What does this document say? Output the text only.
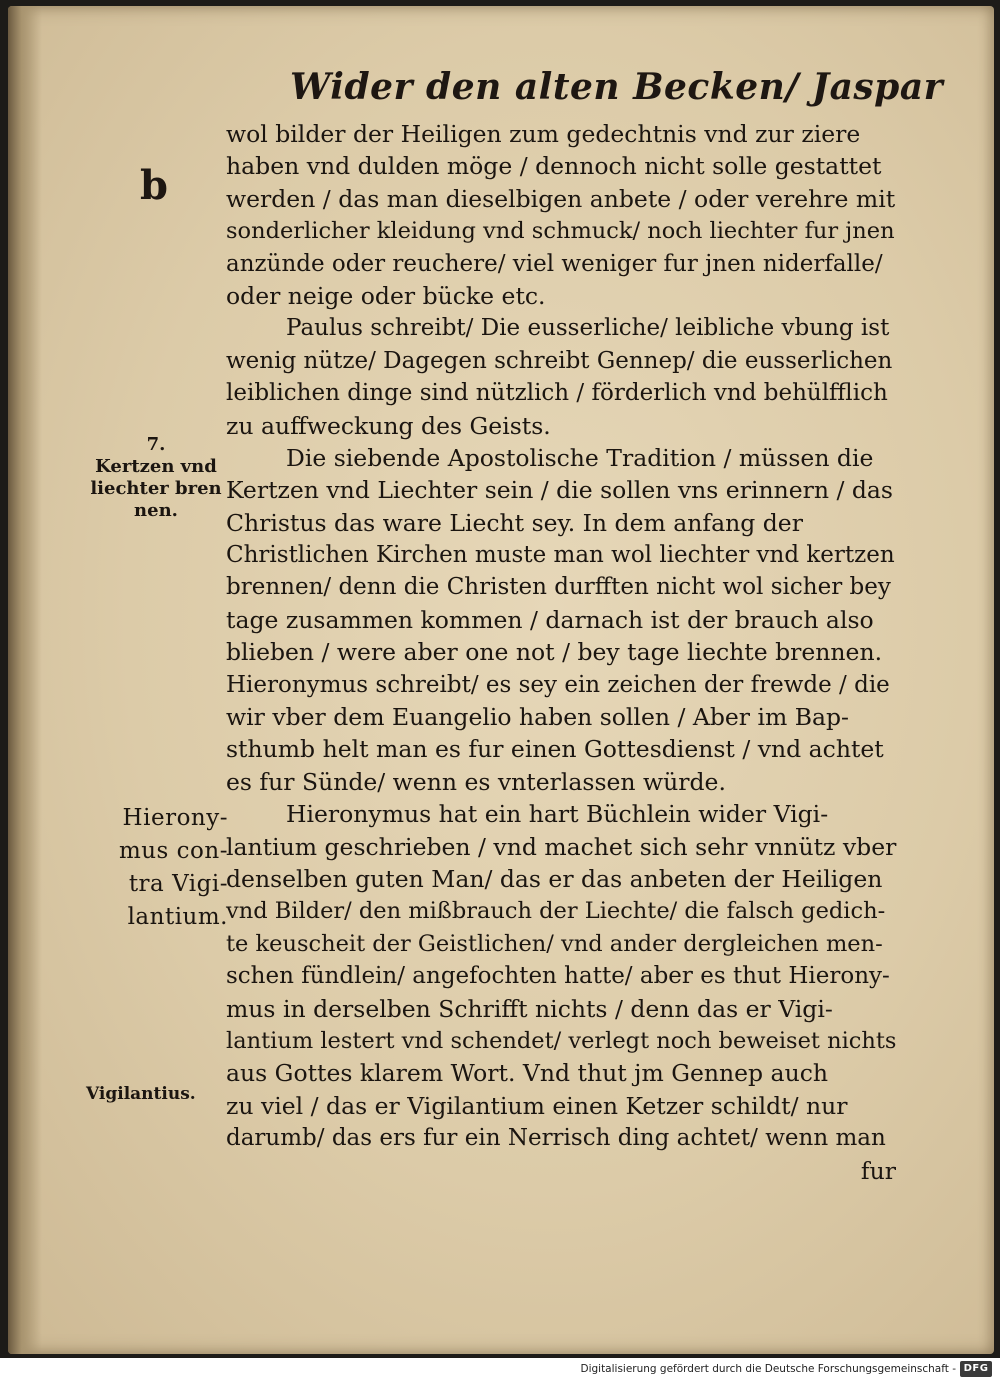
Wider den alten Becken/ Jaspar
b
wol bilder der Heiligen zum gedechtnis vnd zur ziere
haben vnd dulden möge / dennoch nicht solle gestattet
werden / das man dieselbigen anbete / oder verehre mit
sonderlicher kleidung vnd schmuck/ noch liechter fur jnen
anzünde oder reuchere/ viel weniger fur jnen niderfalle/
oder neige oder bücke etc.
Paulus schreibt/ Die eusserliche/ leibliche vbung ist
wenig nütze/ Dagegen schreibt Gennep/ die eusserlichen
leiblichen dinge sind nützlich / förderlich vnd behülfflich
zu auffweckung des Geists.
Die siebende Apostolische Tradition / müssen die
Kertzen vnd Liechter sein / die sollen vns erinnern / das
Christus das ware Liecht sey. In dem anfang der
Christlichen Kirchen muste man wol liechter vnd kertzen
brennen/ denn die Christen durfften nicht wol sicher bey
tage zusammen kommen / darnach ist der brauch also
blieben / were aber one not / bey tage liechte brennen.
Hieronymus schreibt/ es sey ein zeichen der frewde / die
wir vber dem Euangelio haben sollen / Aber im Bap-
sthumb helt man es fur einen Gottesdienst / vnd achtet
es fur Sünde/ wenn es vnterlassen würde.
Hieronymus hat ein hart Büchlein wider Vigi-
lantium geschrieben / vnd machet sich sehr vnnütz vber
denselben guten Man/ das er das anbeten der Heiligen
vnd Bilder/ den mißbrauch der Liechte/ die falsch gedich-
te keuscheit der Geistlichen/ vnd ander dergleichen men-
schen fündlein/ angefochten hatte/ aber es thut Hierony-
mus in derselben Schrifft nichts / denn das er Vigi-
lantium lestert vnd schendet/ verlegt noch beweiset nichts
aus Gottes klarem Wort. Vnd thut jm Gennep auch
zu viel / das er Vigilantium einen Ketzer schildt/ nur
darumb/ das ers fur ein Nerrisch ding achtet/ wenn man
fur
7.
Kertzen vnd
liechter bren
nen.
Hierony-
mus con-
tra Vigi-
lantium.
Vigilantius.
Digitalisierung gefördert durch die Deutsche Forschungsgemeinschaft - DFG
